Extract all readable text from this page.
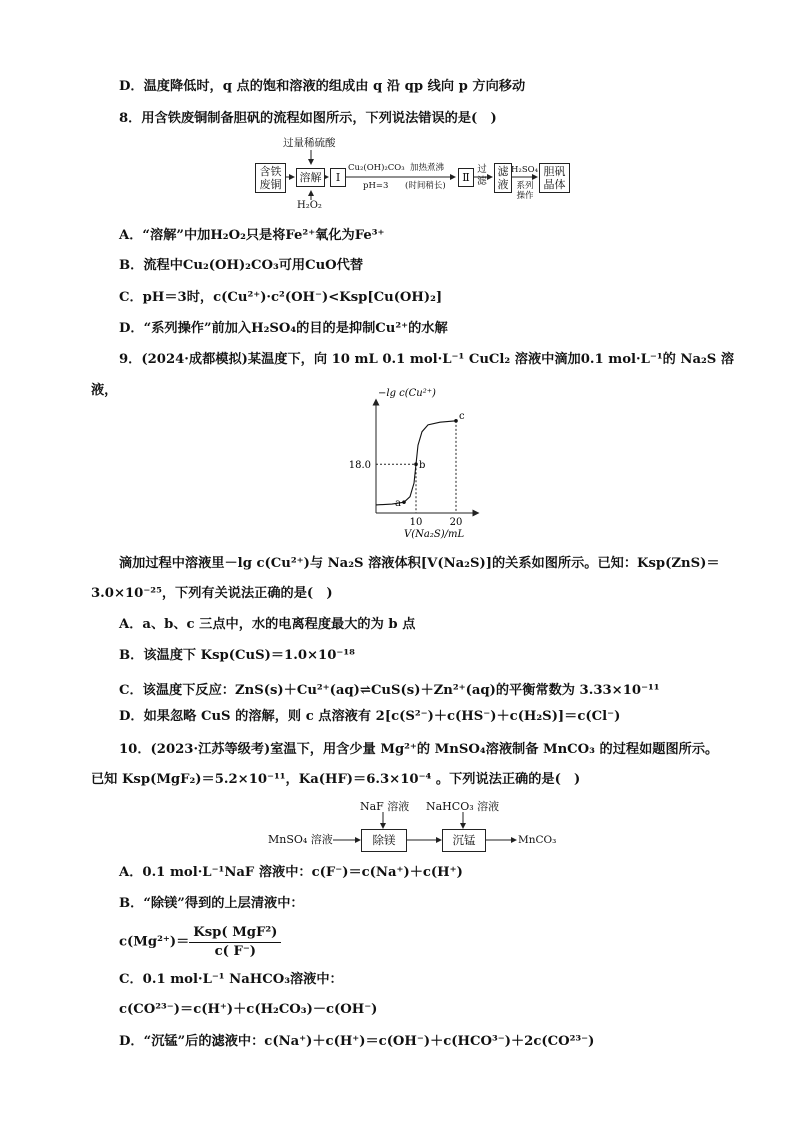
D．温度降低时，q 点的饱和溶液的组成由 q 沿 qp 线向 p 方向移动
8．用含铁废铜制备胆矾的流程如图所示，下列说法错误的是(　)
过量稀硫酸
H₂O₂
含铁废铜
溶解	Ⅰ
Cu₂(OH)₂CO₃ 加热煮沸
pH=3 (时间稍长)
Ⅱ
过滤
滤液
H₂SO₄
系列操作
胆矾晶体
A．“溶解”中加H₂O₂只是将Fe²⁺氧化为Fe³⁺
B．流程中Cu₂(OH)₂CO₃可用CuO代替
C．pH＝3时，c(Cu²⁺)·c²(OH⁻)<Ksp[Cu(OH)₂]
D．“系列操作”前加入H₂SO₄的目的是抑制Cu²⁺的水解
9．(2024·成都模拟)某温度下，向 10 mL 0.1 mol·L⁻¹ CuCl₂ 溶液中滴加0.1 mol·L⁻¹的 Na₂S 溶
液，	−lg c(Cu²⁺)
V(Na₂S)/mL
10	20
18.0
a
b
c
滴加过程中溶液里－lg c(Cu²⁺)与 Na₂S 溶液体积[V(Na₂S)]的关系如图所示。已知：Ksp(ZnS)＝
3.0×10⁻²⁵，下列有关说法正确的是(　)
A．a、b、c 三点中，水的电离程度最大的为 b 点
B．该温度下 Ksp(CuS)＝1.0×10⁻¹⁸
C．该温度下反应：ZnS(s)＋Cu²⁺(aq)⇌CuS(s)＋Zn²⁺(aq)的平衡常数为 3.33×10⁻¹¹
D．如果忽略 CuS 的溶解，则 c 点溶液有 2[c(S²⁻)＋c(HS⁻)＋c(H₂S)]＝c(Cl⁻)
10．(2023·江苏等级考)室温下，用含少量 Mg²⁺的 MnSO₄溶液制备 MnCO₃ 的过程如题图所示。
已知 Ksp(MgF₂)＝5.2×10⁻¹¹，Ka(HF)＝6.3×10⁻⁴ 。下列说法正确的是(　)
NaF 溶液 NaHCO₃ 溶液
MnSO₄ 溶液	除镁	沉锰	MnCO₃
A．0.1 mol·L⁻¹NaF 溶液中：c(F⁻)＝c(Na⁺)＋c(H⁺)
B．“除镁”得到的上层清液中：
$c(Mg^{2+})= \frac{\text{Ksp( MgF²)}}{c( F^-)}$
C．0.1 mol·L⁻¹ NaHCO₃溶液中：
c(CO²³⁻)＝c(H⁺)＋c(H₂CO₃)－c(OH⁻)
D．“沉锰”后的滤液中：c(Na⁺)＋c(H⁺)＝c(OH⁻)＋c(HCO³⁻)＋2c(CO²³⁻)
